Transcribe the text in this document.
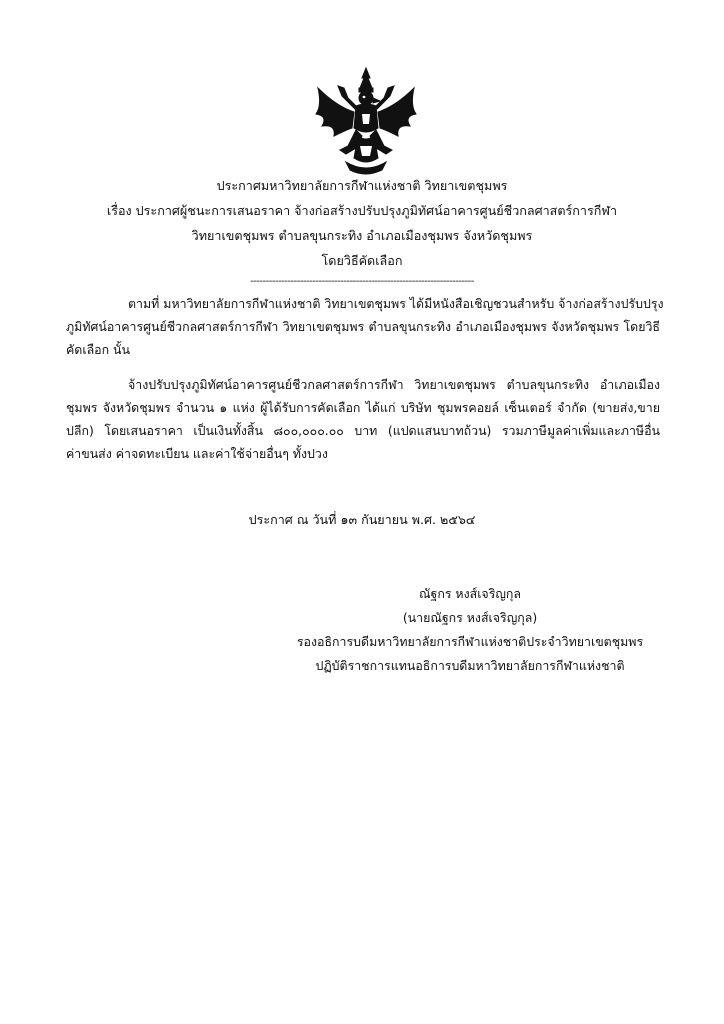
ประกาศมหาวิทยาลัยการกีฬาแห่งชาติ วิทยาเขตชุมพร
เรื่อง ประกาศผู้ชนะการเสนอราคา จ้างก่อสร้างปรับปรุงภูมิทัศน์อาคารศูนย์ชีวกลศาสตร์การกีฬา
วิทยาเขตชุมพร ตำบลขุนกระทิง อำเภอเมืองชุมพร จังหวัดชุมพร
โดยวิธีคัดเลือก
------------------------------------------------------------------------
ตามที่ มหาวิทยาลัยการกีฬาแห่งชาติ วิทยาเขตชุมพร ได้มีหนังสือเชิญชวนสำหรับ จ้างก่อสร้างปรับปรุง
ภูมิทัศน์อาคารศูนย์ชีวกลศาสตร์การกีฬา วิทยาเขตชุมพร ตำบลขุนกระทิง อำเภอเมืองชุมพร จังหวัดชุมพร โดยวิธี
คัดเลือก นั้น
จ้างปรับปรุงภูมิทัศน์อาคารศูนย์ชีวกลศาสตร์การกีฬา วิทยาเขตชุมพร ตำบลขุนกระทิง อำเภอเมือง
ชุมพร จังหวัดชุมพร จำนวน ๑ แห่ง ผู้ได้รับการคัดเลือก ได้แก่ บริษัท ชุมพรคอยล์ เซ็นเตอร์ จำกัด (ขายส่ง,ขาย
ปลีก) โดยเสนอราคา เป็นเงินทั้งสิ้น ๘๐๐,๐๐๐.๐๐ บาท (แปดแสนบาทถ้วน) รวมภาษีมูลค่าเพิ่มและภาษีอื่น
ค่าขนส่ง ค่าจดทะเบียน และค่าใช้จ่ายอื่นๆ ทั้งปวง
ประกาศ ณ วันที่ ๑๓ กันยายน พ.ศ. ๒๕๖๔
ณัฐกร หงส์เจริญกุล
(นายณัฐกร หงส์เจริญกุล)
รองอธิการบดีมหาวิทยาลัยการกีฬาแห่งชาติประจำวิทยาเขตชุมพร
ปฏิบัติราชการแทนอธิการบดีมหาวิทยาลัยการกีฬาแห่งชาติ
